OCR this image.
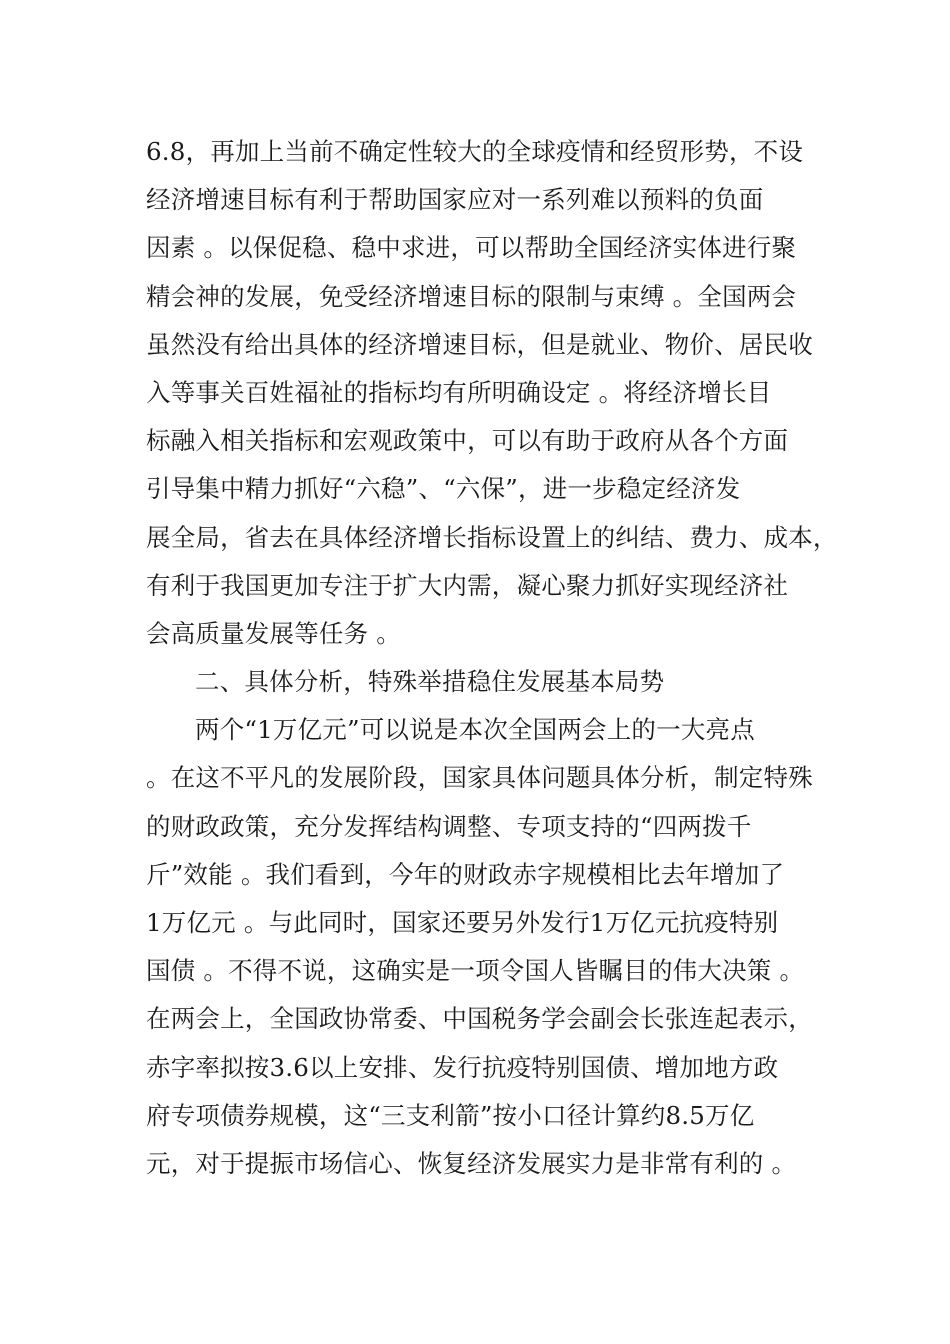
6.8，再加上当前不确定性较大的全球疫情和经贸形势，不设
经济增速目标有利于帮助国家应对一系列难以预料的负面
因素 。以保促稳、稳中求进，可以帮助全国经济实体进行聚
精会神的发展，免受经济增速目标的限制与束缚 。全国两会
虽然没有给出具体的经济增速目标，但是就业、物价、居民收
入等事关百姓福祉的指标均有所明确设定 。将经济增长目
标融入相关指标和宏观政策中，可以有助于政府从各个方面
引导集中精力抓好“六稳”、“六保”，进一步稳定经济发
展全局，省去在具体经济增长指标设置上的纠结、费力、成本，
有利于我国更加专注于扩大内需，凝心聚力抓好实现经济社
会高质量发展等任务 。
二、具体分析，特殊举措稳住发展基本局势
两个“1万亿元”可以说是本次全国两会上的一大亮点
。在这不平凡的发展阶段，国家具体问题具体分析，制定特殊
的财政政策，充分发挥结构调整、专项支持的“四两拨千
斤”效能 。我们看到，今年的财政赤字规模相比去年增加了
1万亿元 。与此同时，国家还要另外发行1万亿元抗疫特别
国债 。不得不说，这确实是一项令国人皆瞩目的伟大决策 。
在两会上，全国政协常委、中国税务学会副会长张连起表示，
赤字率拟按3.6以上安排、发行抗疫特别国债、增加地方政
府专项债券规模，这“三支利箭”按小口径计算约8.5万亿
元，对于提振市场信心、恢复经济发展实力是非常有利的 。
